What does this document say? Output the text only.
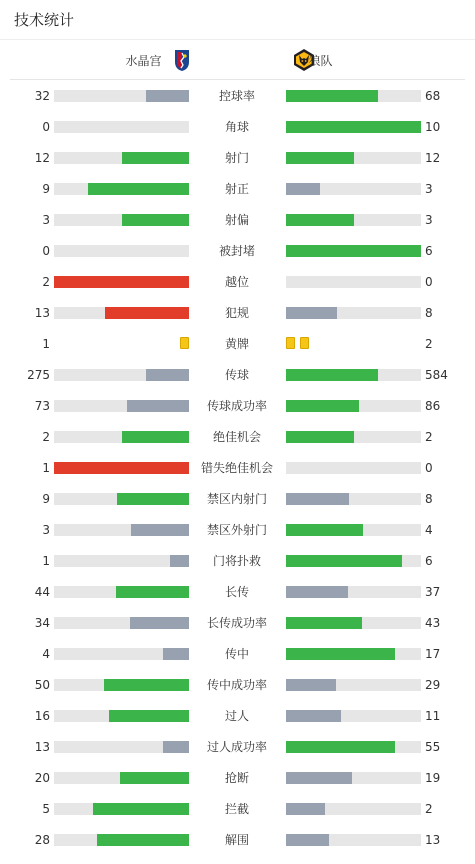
技术统计
水晶宫	狼队
32	控球率	68
0	角球	10
12	射门	12
9	射正	3
3	射偏	3
0	被封堵	6
2	越位	0
13	犯规	8
1	黄牌	2
275	传球	584
73	传球成功率	86
2	绝佳机会	2
1	错失绝佳机会	0
9	禁区内射门	8
3	禁区外射门	4
1	门将扑救	6
44	长传	37
34	长传成功率	43
4	传中	17
50	传中成功率	29
16	过人	11
13	过人成功率	55
20	抢断	19
5	拦截	2
28	解围	13
